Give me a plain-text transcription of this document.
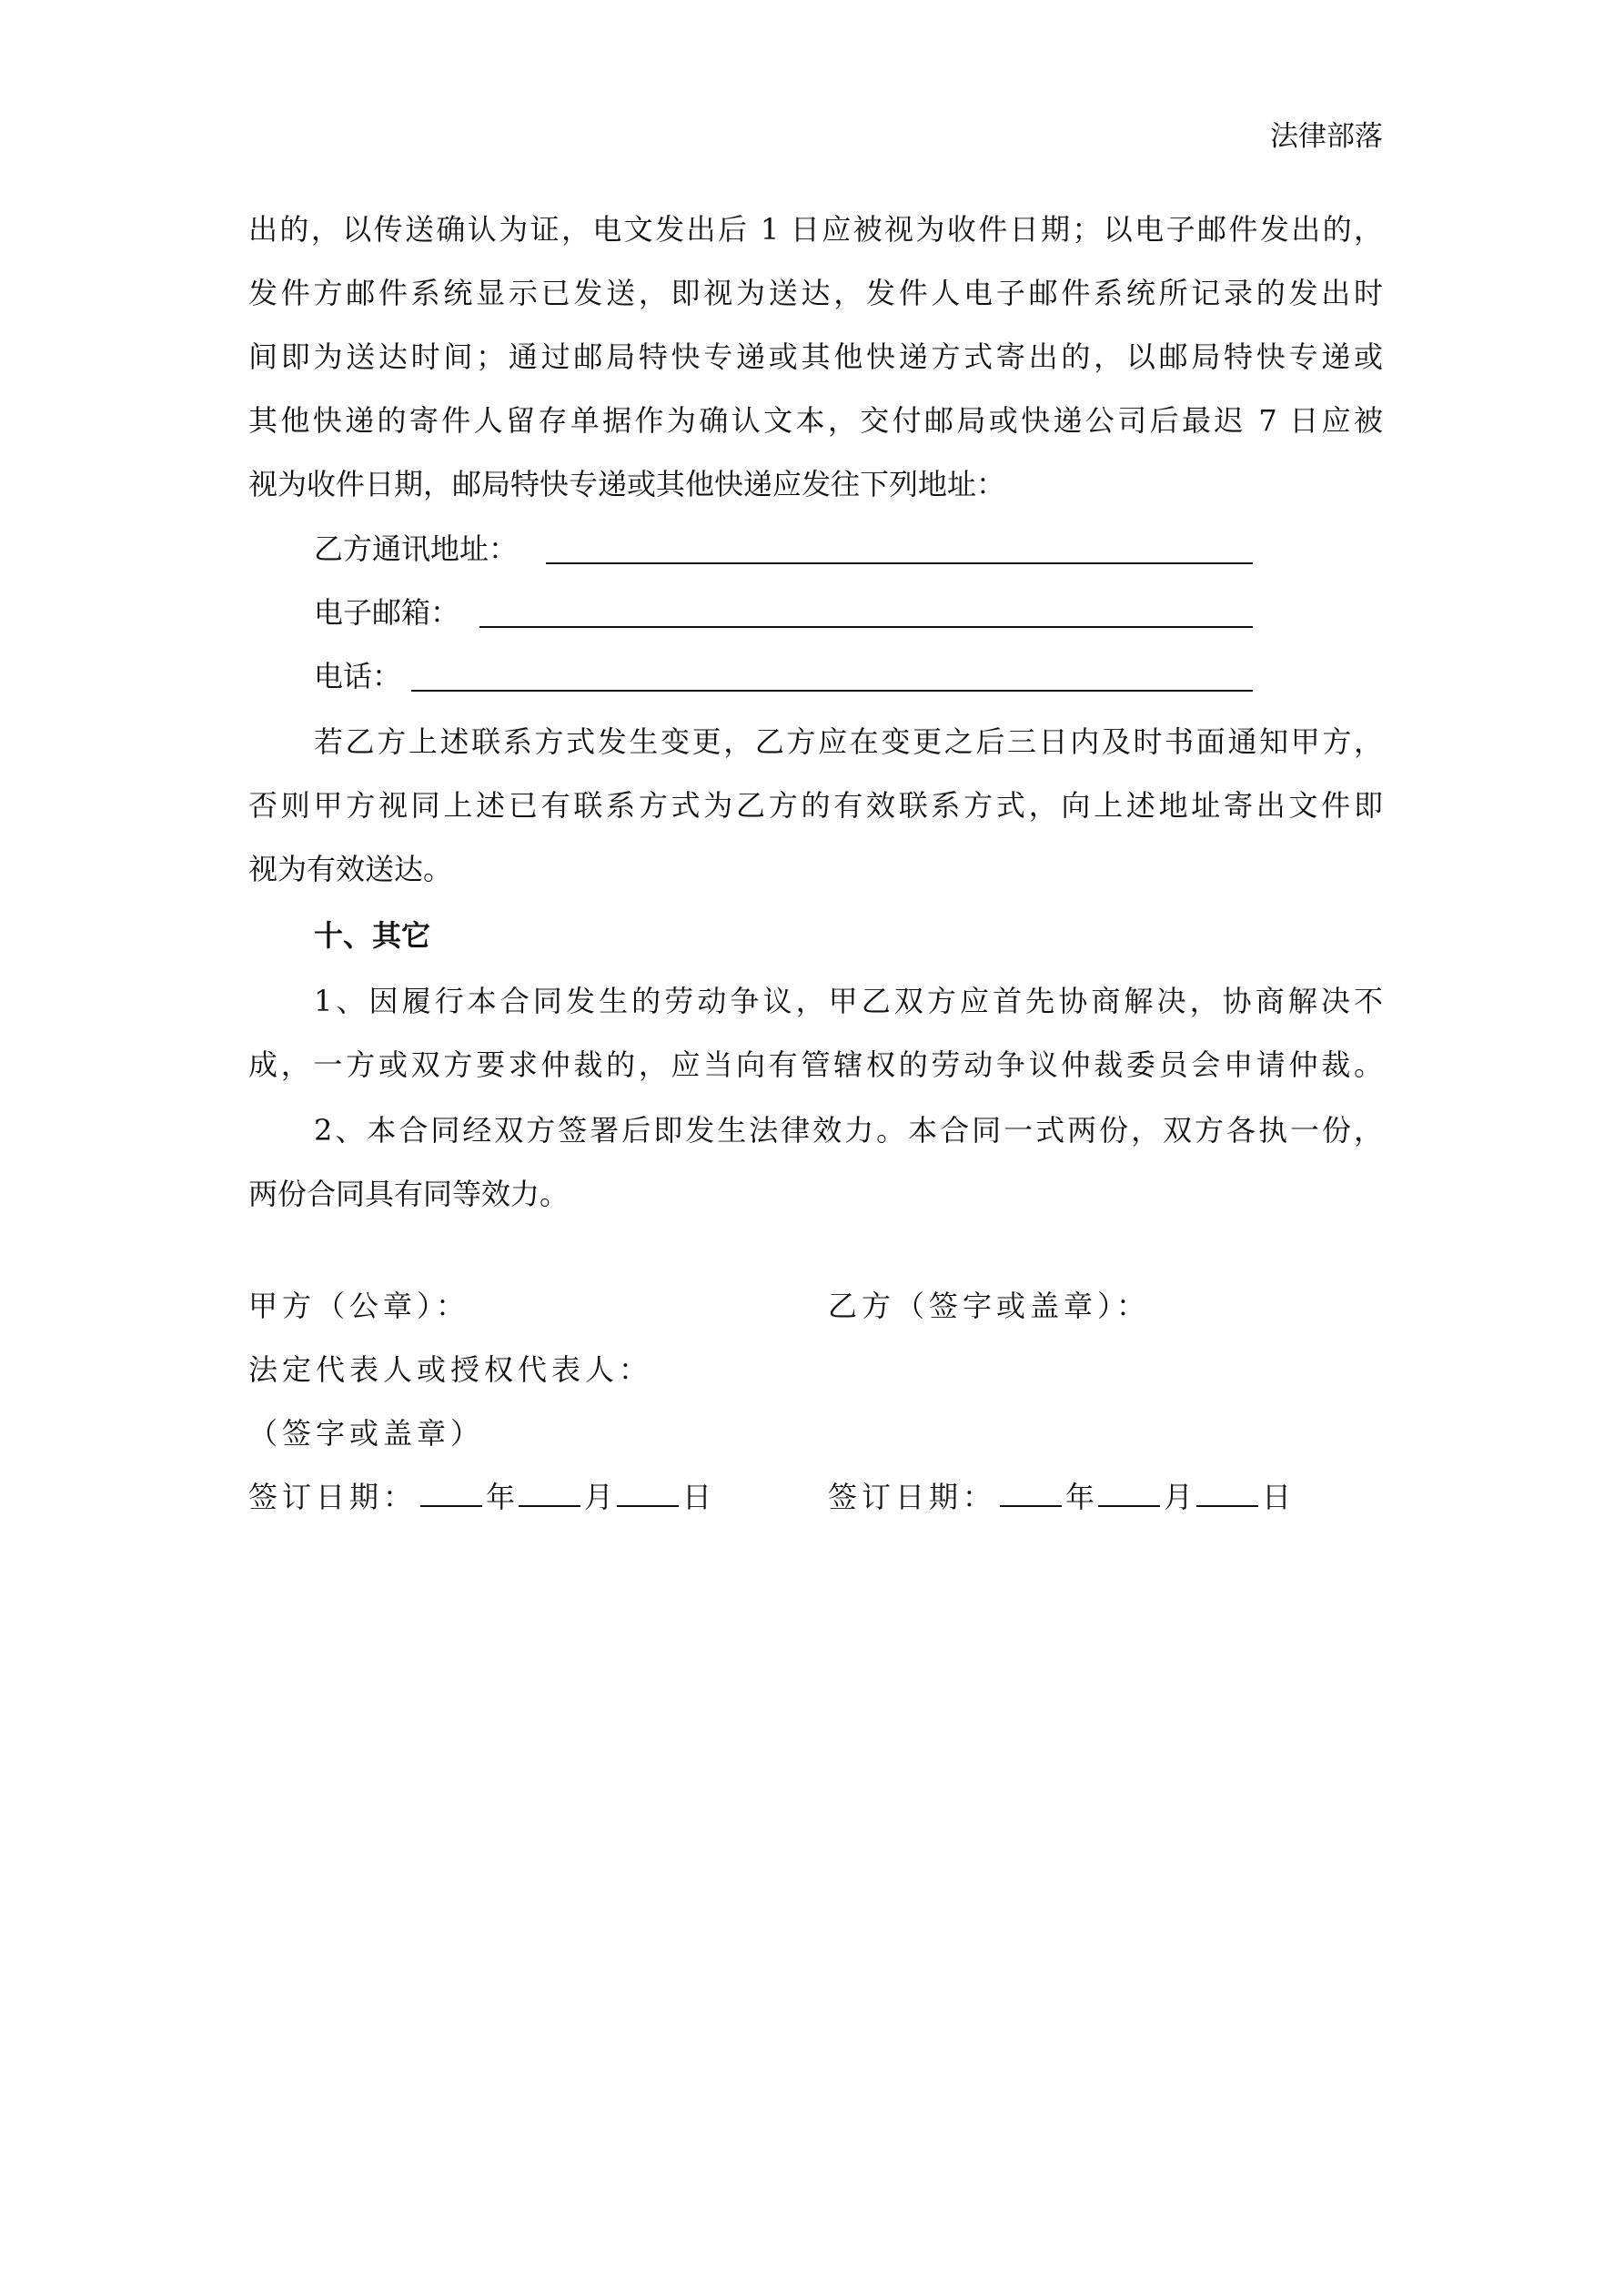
法律部落
出的，以传送确认为证，电文发出后 1 日应被视为收件日期；以电子邮件发出的，
发件方邮件系统显示已发送，即视为送达，发件人电子邮件系统所记录的发出时
间即为送达时间；通过邮局特快专递或其他快递方式寄出的，以邮局特快专递或
其他快递的寄件人留存单据作为确认文本，交付邮局或快递公司后最迟 7 日应被
视为收件日期，邮局特快专递或其他快递应发往下列地址：
乙方通讯地址：
电子邮箱：
电话：
若乙方上述联系方式发生变更，乙方应在变更之后三日内及时书面通知甲方，
否则甲方视同上述已有联系方式为乙方的有效联系方式，向上述地址寄出文件即
视为有效送达。
十、其它
1、因履行本合同发生的劳动争议，甲乙双方应首先协商解决，协商解决不
成，一方或双方要求仲裁的，应当向有管辖权的劳动争议仲裁委员会申请仲裁。
2、本合同经双方签署后即发生法律效力。本合同一式两份，双方各执一份，
两份合同具有同等效力。
甲方（公章）：	乙方（签字或盖章）：
法定代表人或授权代表人：
（签字或盖章）
签订日期： 年 月 日	签订日期： 年 月 日
